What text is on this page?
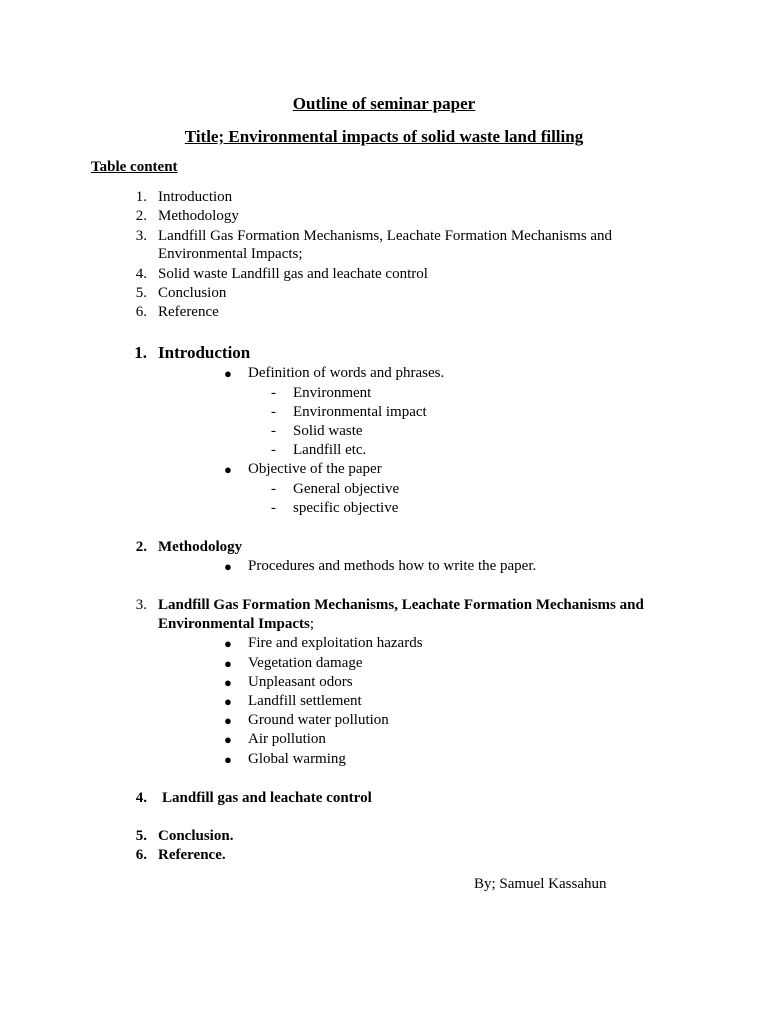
Outline of seminar paper
Title; Environmental impacts of solid waste land filling
Table content
1. Introduction
2. Methodology
3. Landfill Gas Formation Mechanisms, Leachate Formation Mechanisms and
Environmental Impacts;
4. Solid waste Landfill gas and leachate control
5. Conclusion
6. Reference
1. Introduction
● Definition of words and phrases.
- Environment
- Environmental impact
- Solid waste
- Landfill etc.
● Objective of the paper
- General objective
- specific objective
2. Methodology
● Procedures and methods how to write the paper.
3. Landfill Gas Formation Mechanisms, Leachate Formation Mechanisms and
Environmental Impacts;
● Fire and exploitation hazards
● Vegetation damage
● Unpleasant odors
● Landfill settlement
● Ground water pollution
● Air pollution
● Global warming
4. Landfill gas and leachate control
5. Conclusion.
6. Reference.
By; Samuel Kassahun
